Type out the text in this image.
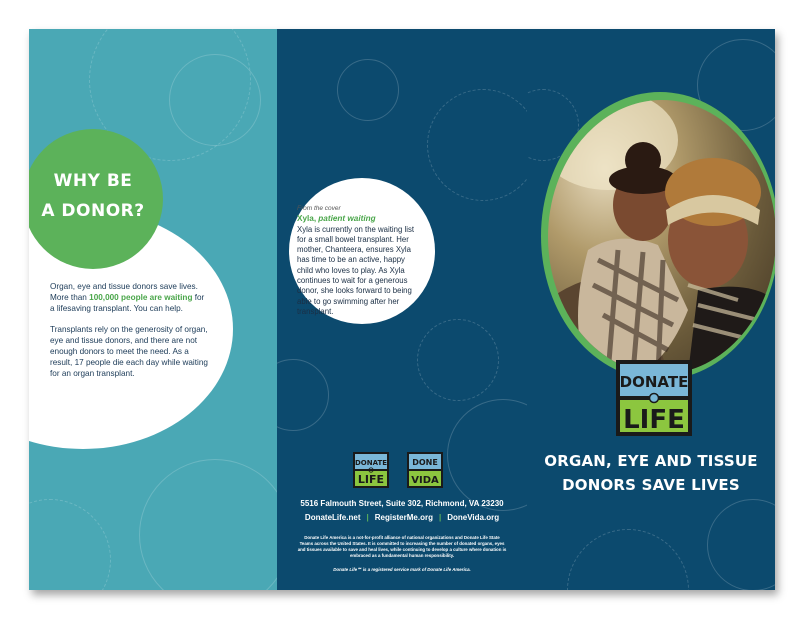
WHY BE
A DONOR?

Organ, eye and tissue donors save lives. More than 100,000 people are waiting for a lifesaving transplant. You can help.

Transplants rely on the generosity of organ, eye and tissue donors, and there are not enough donors to meet the need. As a result, 17 people die each day while waiting for an organ transplant.

From the cover
Xyla, patient waiting
Xyla is currently on the waiting list for a small bowel transplant. Her mother, Chanteera, ensures Xyla has time to be an active, happy child who loves to play. As Xyla continues to wait for a generous donor, she looks forward to being able to go swimming after her transplant.
DONATE
LIFE
DONE
VIDA
5516 Falmouth Street, Suite 302, Richmond, VA 23230
DonateLife.net | RegisterMe.org | DoneVida.org
Donate Life America is a not-for-profit alliance of national organizations and Donate Life State Teams across the United States. It is committed to increasing the number of donated organs, eyes and tissues available to save and heal lives, while continuing to develop a culture where donation is embraced as a fundamental human responsibility.
Donate Life℠ is a registered service mark of Donate Life America.
DONATE
LIFE
ORGAN, EYE AND TISSUE
DONORS SAVE LIVES
